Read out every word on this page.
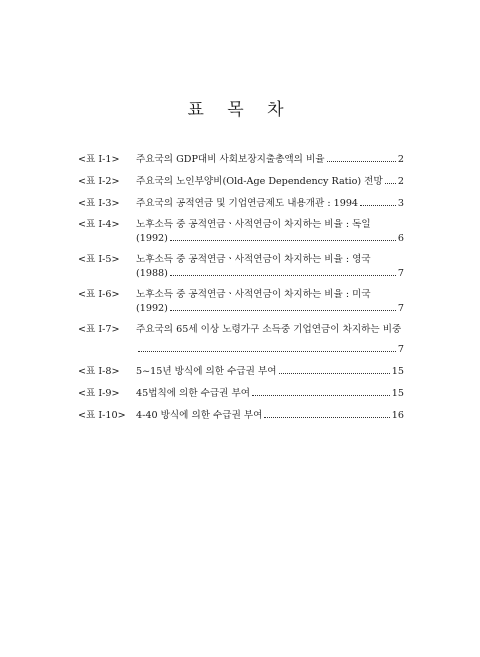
표 목 차
<표 Ⅰ-1>	주요국의 GDP대비 사회보장지출총액의 비율	2
<표 Ⅰ-2>	주요국의 노인부양비(Old-Age Dependency Ratio) 전망 2
<표 Ⅰ-3>	주요국의 공적연금 및 기업연금제도 내용개관 : 1994	3
<표 Ⅰ-4>	노후소득 중 공적연금ㆍ사적연금이 차지하는 비율 : 독일
(1992)	6
<표 Ⅰ-5>	노후소득 중 공적연금ㆍ사적연금이 차지하는 비율 : 영국
(1988)	7
<표 Ⅰ-6>	노후소득 중 공적연금ㆍ사적연금이 차지하는 비율 : 미국
(1992)	7
<표 Ⅰ-7>	주요국의 65세 이상 노령가구 소득중 기업연금이 차지하는 비중
7
<표 Ⅰ-8>	5~15년 방식에 의한 수급권 부여	15
<표 Ⅰ-9>	45법칙에 의한 수급권 부여	15
<표 Ⅰ-10>	4-40 방식에 의한 수급권 부여	16
